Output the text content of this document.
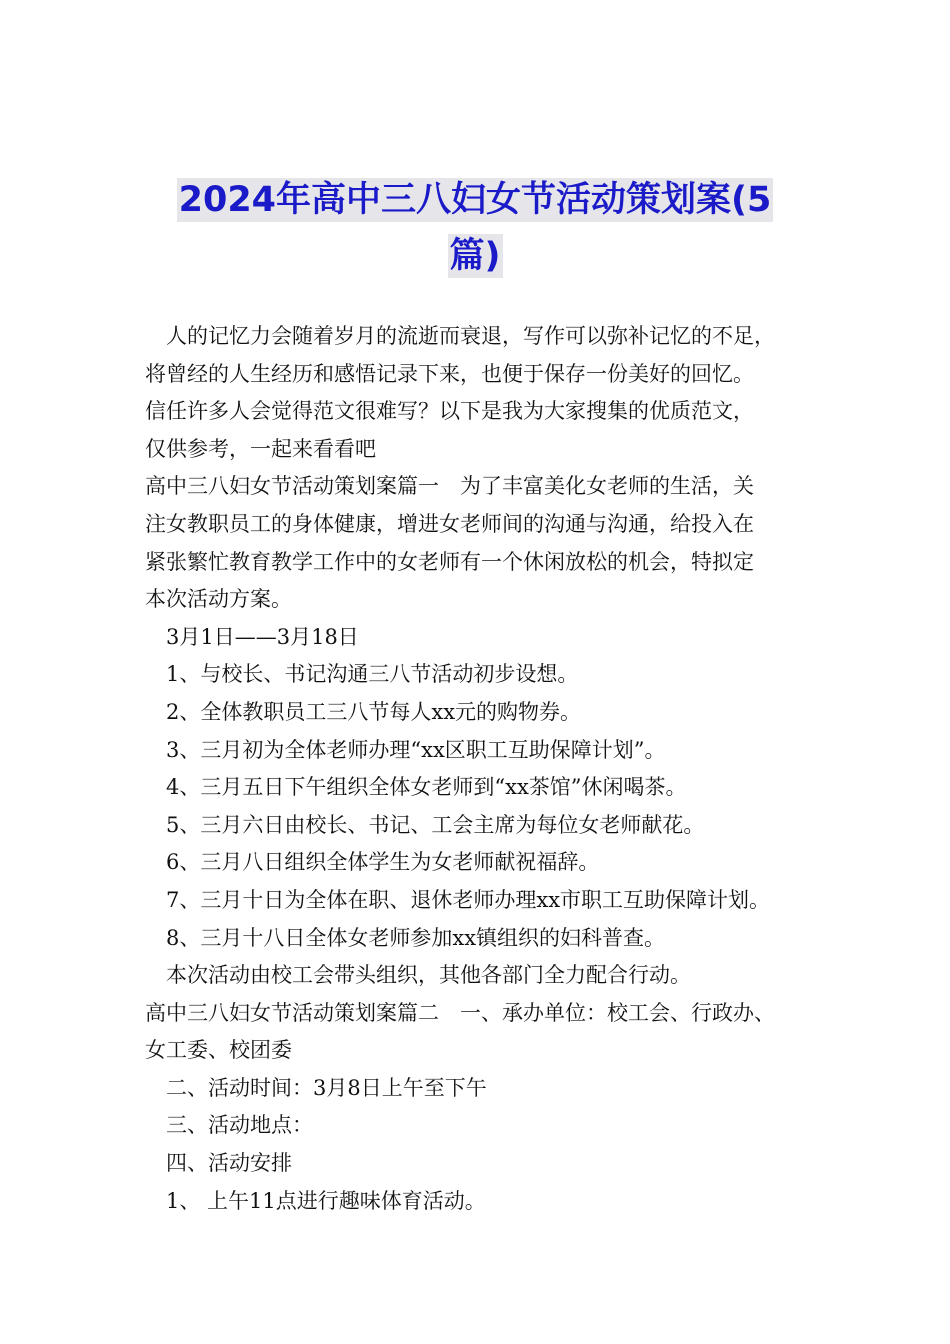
2024年高中三八妇女节活动策划案(5
篇)

人的记忆力会随着岁月的流逝而衰退，写作可以弥补记忆的不足，

将曾经的人生经历和感悟记录下来，也便于保存一份美好的回忆。

信任许多人会觉得范文很难写？以下是我为大家搜集的优质范文，

仅供参考，一起来看看吧

高中三八妇女节活动策划案篇一　为了丰富美化女老师的生活，关

注女教职员工的身体健康，增进女老师间的沟通与沟通，给投入在

紧张繁忙教育教学工作中的女老师有一个休闲放松的机会，特拟定

本次活动方案。

3月1日——3月18日

1、与校长、书记沟通三八节活动初步设想。

2、全体教职员工三八节每人xx元的购物券。

3、三月初为全体老师办理“xx区职工互助保障计划”。

4、三月五日下午组织全体女老师到“xx茶馆”休闲喝茶。

5、三月六日由校长、书记、工会主席为每位女老师献花。

6、三月八日组织全体学生为女老师献祝福辞。

7、三月十日为全体在职、退休老师办理xx市职工互助保障计划。

8、三月十八日全体女老师参加xx镇组织的妇科普查。

本次活动由校工会带头组织，其他各部门全力配合行动。

高中三八妇女节活动策划案篇二　一、承办单位：校工会、行政办、

女工委、校团委

二、活动时间：3月8日上午至下午

三、活动地点：

四、活动安排

1、 上午11点进行趣味体育活动。
